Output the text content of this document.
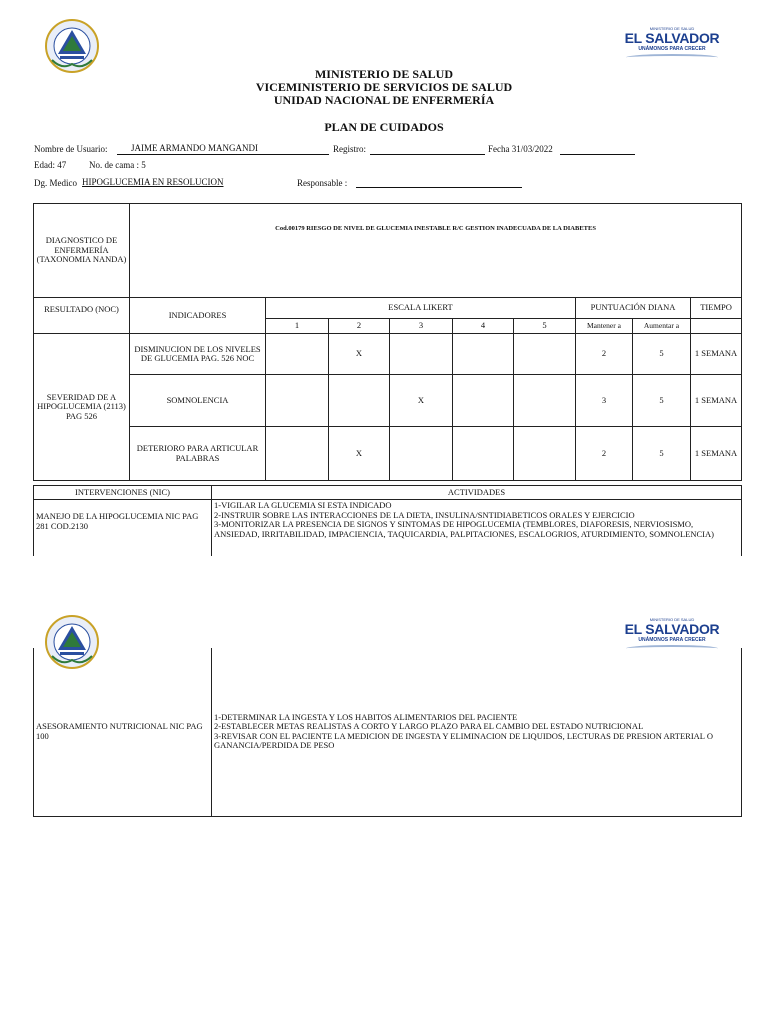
MINISTERIO DE SALUD
EL SALVADOR
UNÁMONOS PARA CRECER
MINISTERIO DE SALUD
VICEMINISTERIO DE SERVICIOS DE SALUD
UNIDAD NACIONAL DE ENFERMERÍA
PLAN DE CUIDADOS
Nombre de Usuario:	JAIME ARMANDO MANGANDI	Registro:	Fecha 31/03/2022
Edad: 47	No. de cama : 5
Dg. Medico HIPOGLUCEMIA EN RESOLUCION	Responsable :
DIAGNOSTICO DE ENFERMERÍA (TAXONOMIA NANDA)	Cod.00179 RIESGO DE NIVEL DE GLUCEMIA INESTABLE R/C GESTION INADECUADA DE LA DIABETES								
RESULTADO (NOC)	INDICADORES	ESCALA LIKERT					PUNTUACIÓN DIANA		TIEMPO
		1	2	3	4	5	Mantener a	Aumentar a	
SEVERIDAD DE A HIPOGLUCEMIA (2113) PAG 526	DISMINUCION DE LOS NIVELES DE GLUCEMIA PAG. 526 NOC		X				2	5	1 SEMANA
	SOMNOLENCIA			X			3	5	1 SEMANA
	DETERIORO PARA ARTICULAR PALABRAS		X				2	5	1 SEMANA
INTERVENCIONES (NIC)	ACTIVIDADES
MANEJO DE LA HIPOGLUCEMIA NIC PAG 281 COD.2130	1-VIGILAR LA GLUCEMIA SI ESTA INDICADO
2-INSTRUIR SOBRE LAS INTERACCIONES DE LA DIETA, INSULINA/SNTIDIABETICOS ORALES Y EJERCICIO
3-MONITORIZAR LA PRESENCIA DE SIGNOS Y SINTOMAS DE HIPOGLUCEMIA (TEMBLORES, DIAFORESIS, NERVIOSISMO, ANSIEDAD, IRRITABILIDAD, IMPACIENCIA, TAQUICARDIA, PALPITACIONES, ESCALOGRIOS, ATURDIMIENTO, SOMNOLENCIA)
MINISTERIO DE SALUD
EL SALVADOR
UNÁMONOS PARA CRECER
ASESORAMIENTO NUTRICIONAL NIC PAG 100	
1-DETERMINAR LA INGESTA Y LOS HABITOS ALIMENTARIOS DEL PACIENTE
2-ESTABLECER METAS REALISTAS A CORTO Y LARGO PLAZO PARA EL CAMBIO DEL ESTADO NUTRICIONAL
3-REVISAR CON EL PACIENTE LA MEDICION DE INGESTA Y ELIMINACION DE LIQUIDOS, LECTURAS DE PRESION ARTERIAL O GANANCIA/PERDIDA DE PESO
